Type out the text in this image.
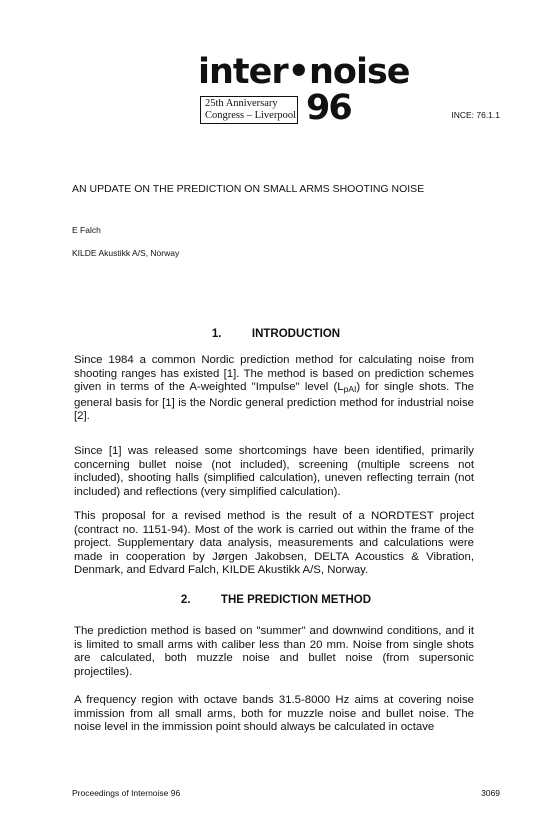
inter•noise
25th Anniversary
Congress – Liverpool 96	INCE: 76.1.1
AN UPDATE ON THE PREDICTION ON SMALL ARMS SHOOTING NOISE
E Falch
KILDE Akustikk A/S, Norway
1.	INTRODUCTION

Since 1984 a common Nordic prediction method for calculating noise from shooting ranges has existed [1]. The method is based on prediction schemes given in terms of the A-weighted "Impulse" level $(L_{pAI})$ for single shots. The general basis for [1] is the Nordic general prediction method for industrial noise [2].

Since [1] was released some shortcomings have been identified, primarily concerning bullet noise (not included), screening (multiple screens not included), shooting halls (simplified calculation), uneven reflecting terrain (not included) and reflections (very simplified calculation).

This proposal for a revised method is the result of a NORDTEST project (contract no. 1151-94). Most of the work is carried out within the frame of the project. Supplementary data analysis, measurements and calculations were made in cooperation by Jørgen Jakobsen, DELTA Acoustics & Vibration, Denmark, and Edvard Falch, KILDE Akustikk A/S, Norway.

2.	THE PREDICTION METHOD

The prediction method is based on "summer" and downwind conditions, and it is limited to small arms with caliber less than 20 mm. Noise from single shots are calculated, both muzzle noise and bullet noise (from supersonic projectiles).

A frequency region with octave bands 31.5-8000 Hz aims at covering noise immission from all small arms, both for muzzle noise and bullet noise. The noise level in the immission point should always be calculated in octave

Proceedings of Internoise 96	3069
